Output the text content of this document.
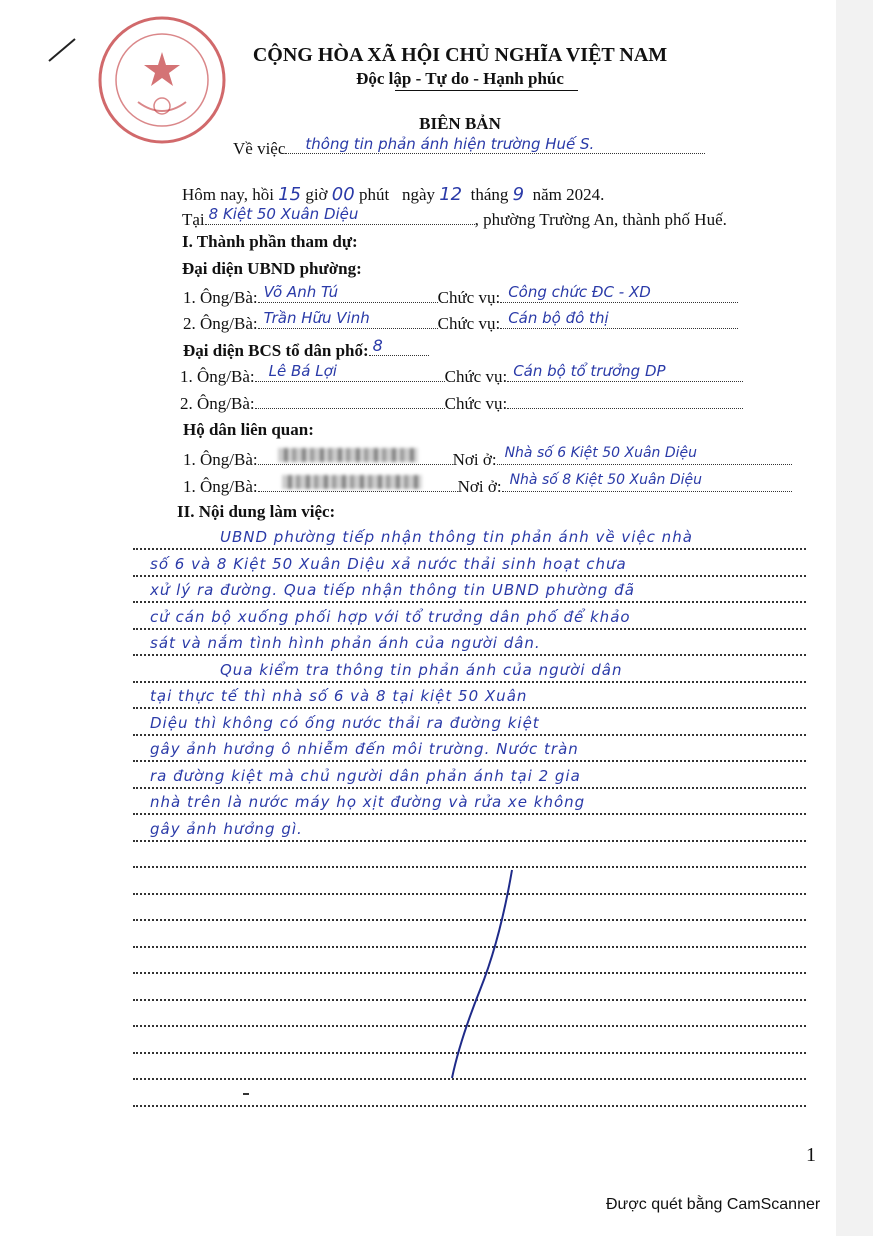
CỘNG HÒA XÃ HỘI CHỦ NGHĨA VIỆT NAM
Độc lập - Tự do - Hạnh phúc
BIÊN BẢN
Về việc thông tin phản ánh hiện trường Huế S.
Hôm nay, hồi 15 giờ 00 phút ngày 12 tháng 9 năm 2024.
Tại 8 Kiệt 50 Xuân Diệu	, phường Trường An, thành phố Huế.
I. Thành phần tham dự:
Đại diện UBND phường:
1. Ông/Bà: Võ Anh Tú	Chức vụ: Công chức ĐC - XD
2. Ông/Bà: Trần Hữu Vinh	Chức vụ: Cán bộ đô thị
Đại diện BCS tổ dân phố: 8
1. Ông/Bà: Lê Bá Lợi	Chức vụ: Cán bộ tổ trưởng DP
2. Ông/Bà:	Chức vụ:
Hộ dân liên quan:
1. Ông/Bà:	Nơi ở: Nhà số 6 Kiệt 50 Xuân Diệu
1. Ông/Bà:	Nơi ở: Nhà số 8 Kiệt 50 Xuân Diệu
II. Nội dung làm việc:
UBND phường tiếp nhận thông tin phản ánh về việc nhà
số 6 và 8 Kiệt 50 Xuân Diệu xả nước thải sinh hoạt chưa
xử lý ra đường. Qua tiếp nhận thông tin UBND phường đã
cử cán bộ xuống phối hợp với tổ trưởng dân phố để khảo
sát và nắm tình hình phản ánh của người dân.
Qua kiểm tra thông tin phản ánh của người dân
tại thực tế thì nhà số 6 và 8 tại kiệt 50 Xuân
Diệu thì không có ống nước thải ra đường kiệt
gây ảnh hưởng ô nhiễm đến môi trường. Nước tràn
ra đường kiệt mà chủ người dân phản ánh tại 2 gia
nhà trên là nước máy họ xịt đường và rửa xe không
gây ảnh hưởng gì.
1
Được quét bằng CamScanner
